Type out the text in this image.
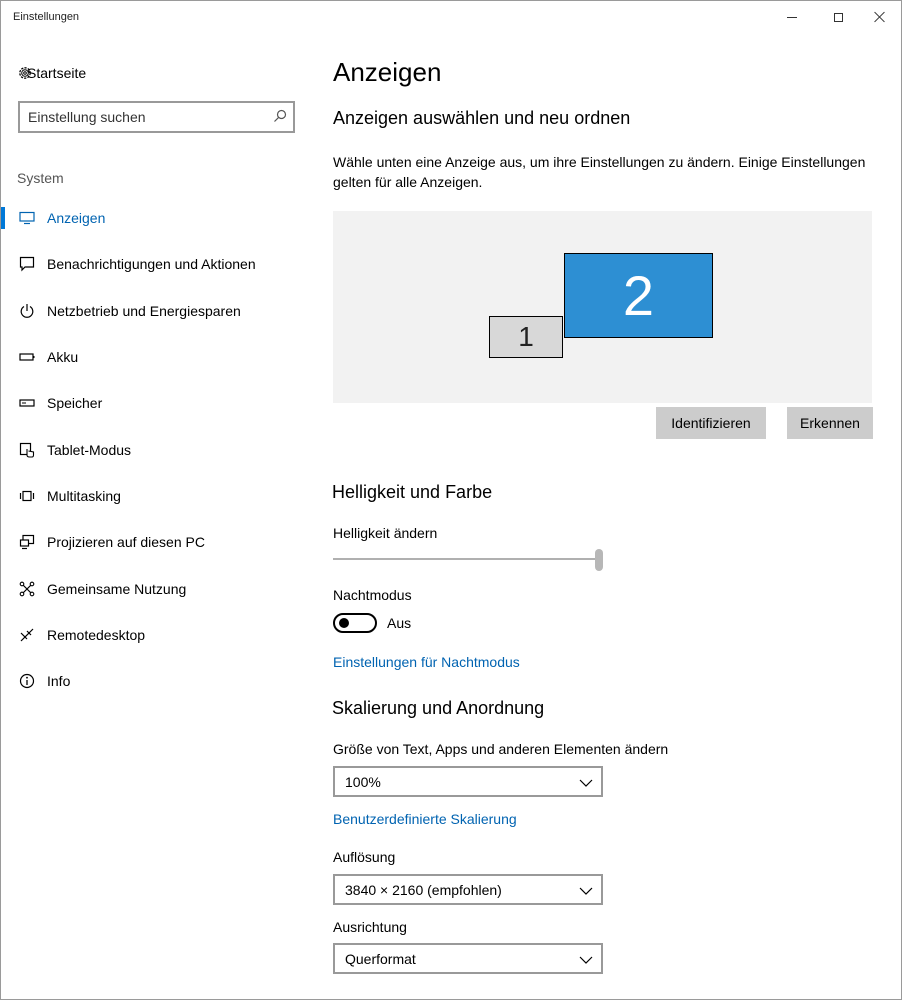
Einstellungen
Startseite
Einstellung suchen
System
Anzeigen
Benachrichtigungen und Aktionen
Netzbetrieb und Energiesparen
Akku
Speicher
Tablet-Modus
Multitasking
Projizieren auf diesen PC
Gemeinsame Nutzung
Remotedesktop
Info
Anzeigen
Anzeigen auswählen und neu ordnen
Wähle unten eine Anzeige aus, um ihre Einstellungen zu ändern. Einige Einstellungen gelten für alle Anzeigen.
1
2
Identifizieren	Erkennen
Helligkeit und Farbe
Helligkeit ändern
Nachtmodus
Aus
Einstellungen für Nachtmodus
Skalierung und Anordnung
Größe von Text, Apps und anderen Elementen ändern
100%
Benutzerdefinierte Skalierung
Auflösung
3840 × 2160 (empfohlen)
Ausrichtung
Querformat
